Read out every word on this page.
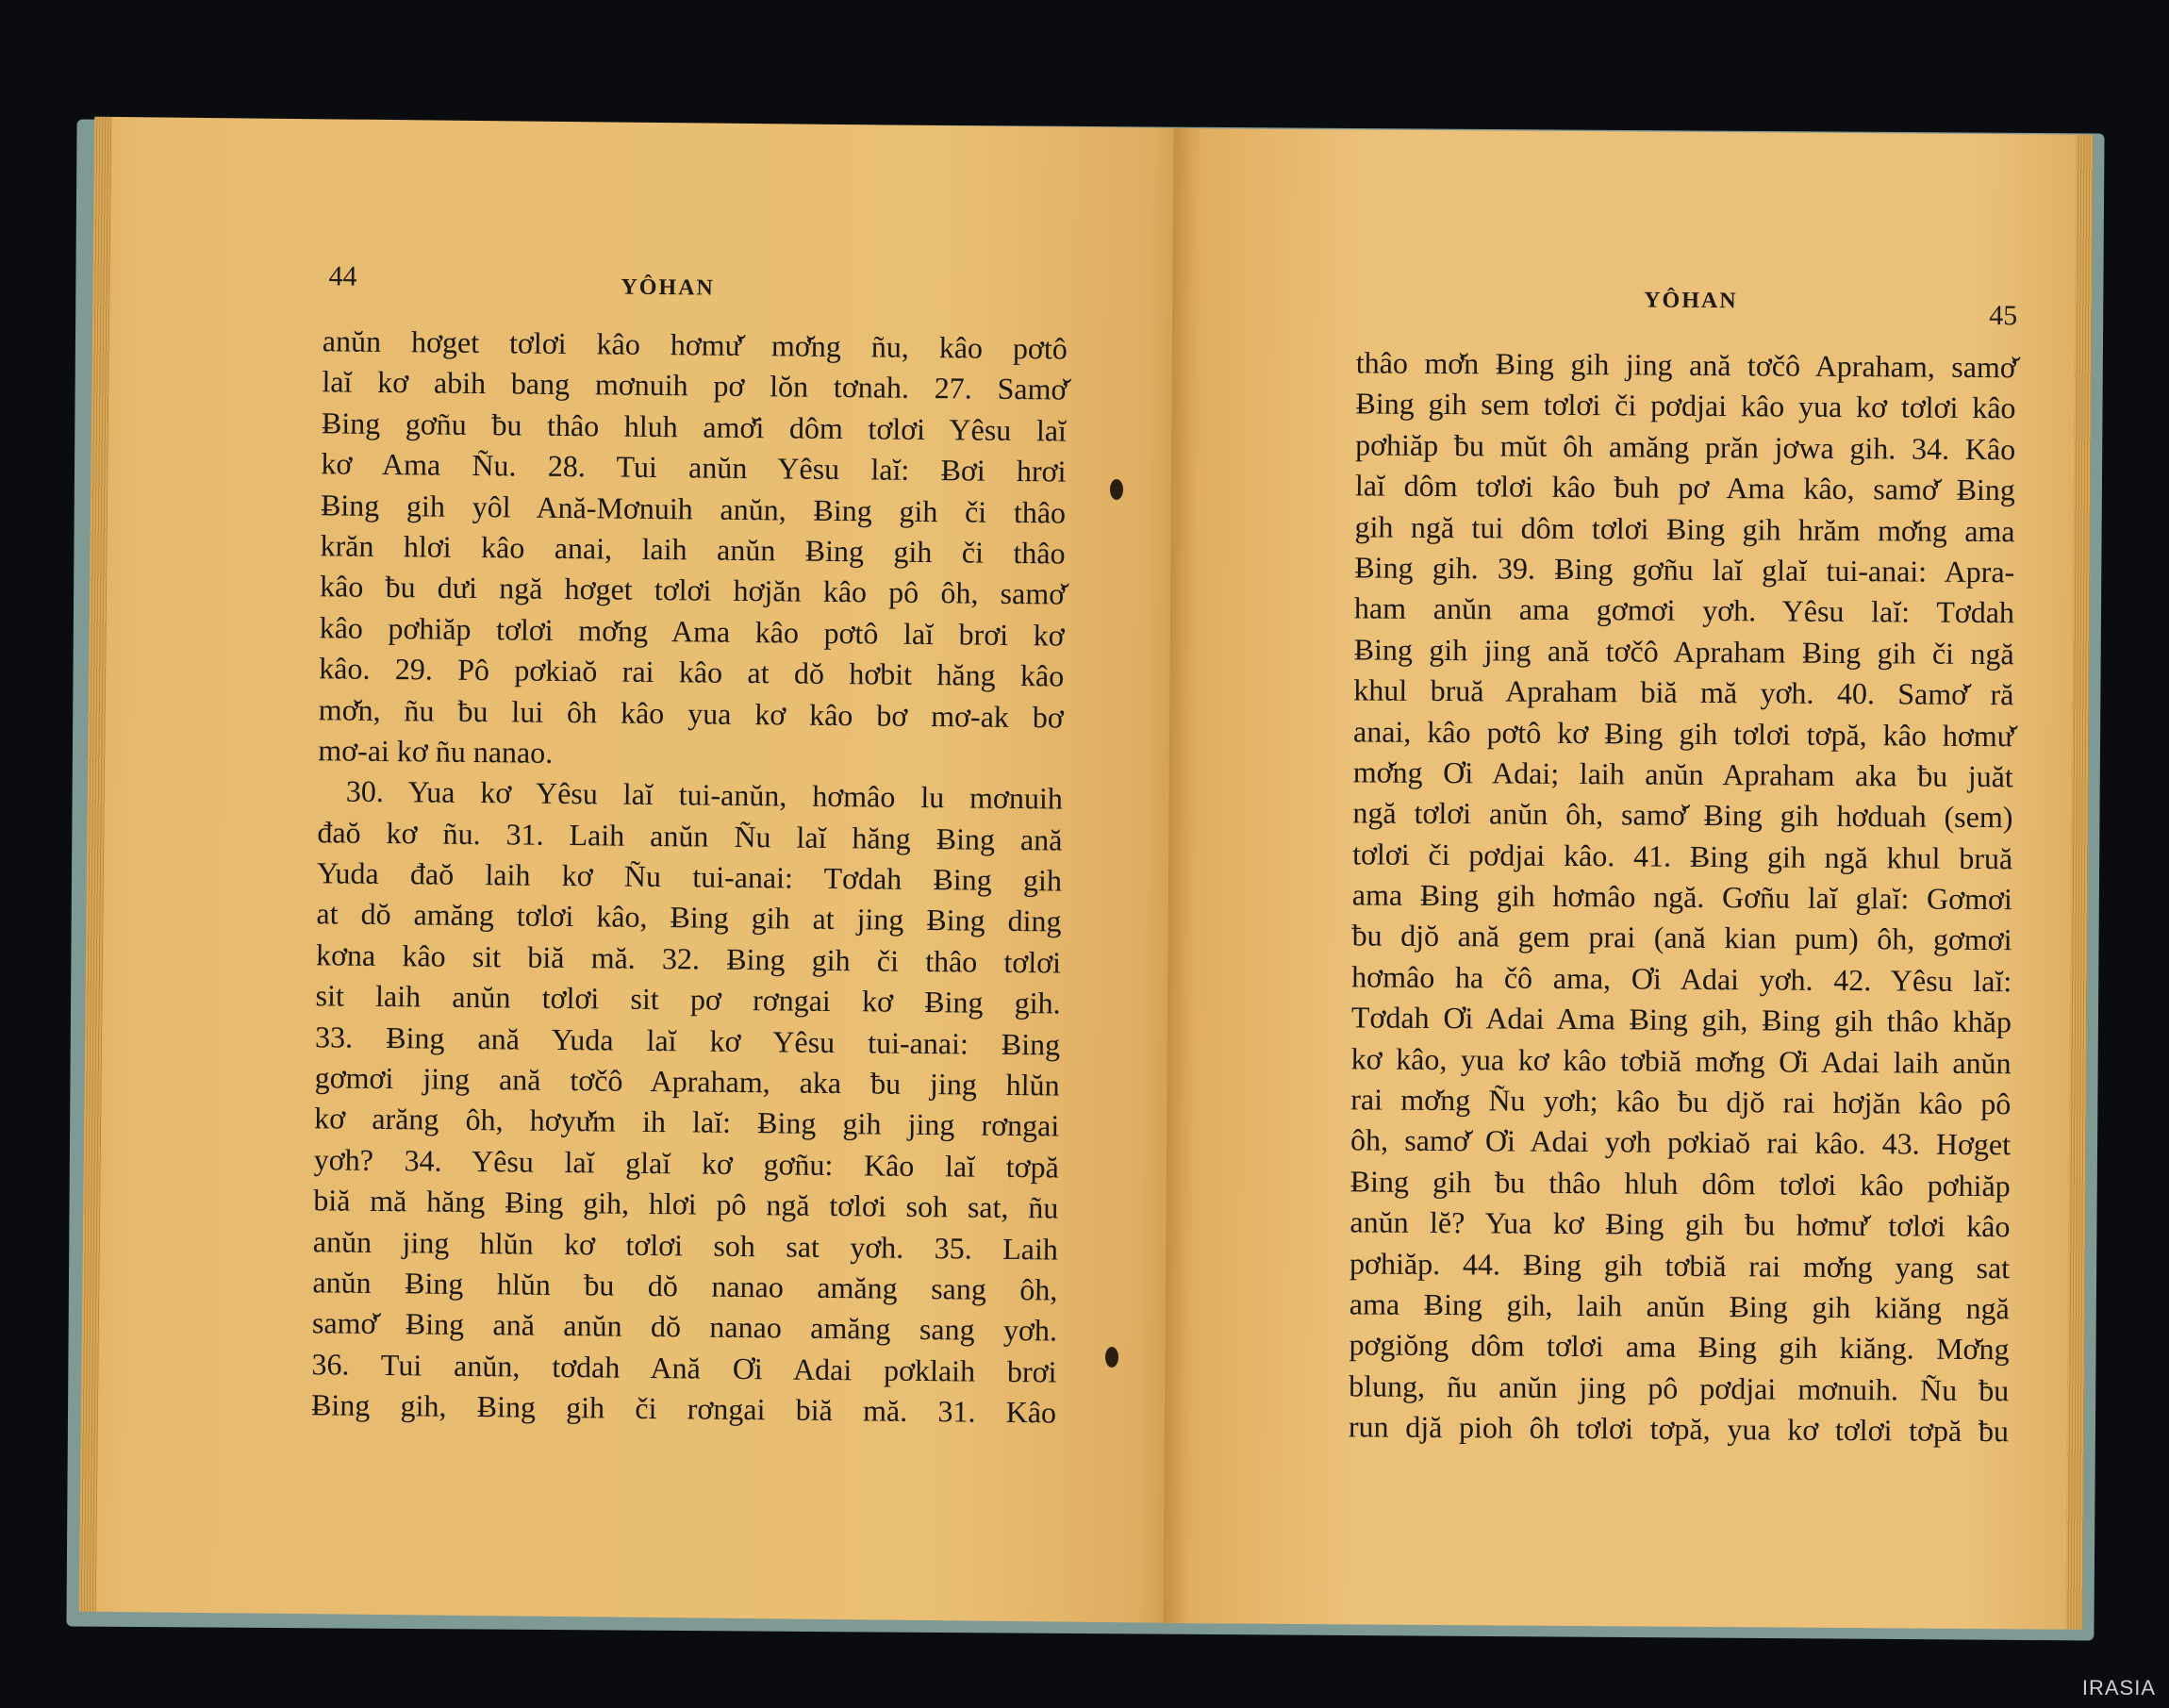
44	YÔHAN
anŭn hơget tơlơi kâo hơmư̆ mơ̆ng ñu, kâo pơtô
laĭ kơ abih bang mơnuih pơ lŏn tơnah. 27. Samơ̆
Ƀing gơñu ƀu thâo hluh amơ̆i dôm tơlơi Yêsu laĭ
kơ Ama Ñu. 28. Tui anŭn Yêsu laĭ: Ƀơi hrơi
Ƀing gih yôl Ană-Mơnuih anŭn, Ƀing gih či thâo
krăn hlơi kâo anai, laih anŭn Ƀing gih či thâo
kâo ƀu dưi ngă hơget tơlơi hơjăn kâo pô ôh, samơ̆
kâo pơhiăp tơlơi mơ̆ng Ama kâo pơtô laĭ brơi kơ
kâo. 29. Pô pơkiaŏ rai kâo at dŏ hơbit hăng kâo
mơ̆n, ñu ƀu lui ôh kâo yua kơ kâo bơ mơ-ak bơ
mơ-ai kơ ñu nanao.
30. Yua kơ Yêsu laĭ tui-anŭn, hơmâo lu mơnuih
đaŏ kơ ñu. 31. Laih anŭn Ñu laĭ hăng Ƀing ană
Yuda đaŏ laih kơ Ñu tui-anai: Tơdah Ƀing gih
at dŏ amăng tơlơi kâo, Ƀing gih at jing Ƀing ding
kơna kâo sit biă mă. 32. Ƀing gih či thâo tơlơi
sit laih anŭn tơlơi sit pơ rơngai kơ Ƀing gih.
33. Ƀing ană Yuda laĭ kơ Yêsu tui-anai: Ƀing
gơmơi jing ană tơčô Apraham, aka ƀu jing hlŭn
kơ arăng ôh, hơyư̆m ih laĭ: Ƀing gih jing rơngai
yơh? 34. Yêsu laĭ glaĭ kơ gơñu: Kâo laĭ tơpă
biă mă hăng Ƀing gih, hlơi pô ngă tơlơi soh sat, ñu
anŭn jing hlŭn kơ tơlơi soh sat yơh. 35. Laih
anŭn Ƀing hlŭn ƀu dŏ nanao amăng sang ôh,
samơ̆ Ƀing ană anŭn dŏ nanao amăng sang yơh.
36. Tui anŭn, tơdah Ană Ơi Adai pơklaih brơi
Ƀing gih, Ƀing gih či rơngai biă mă. 31. Kâo
YÔHAN	45
thâo mơ̆n Ƀing gih jing ană tơčô Apraham, samơ̆
Ƀing gih sem tơlơi či pơdjai kâo yua kơ tơlơi kâo
pơhiăp ƀu mŭt ôh amăng prăn jơwa gih. 34. Kâo
laĭ dôm tơlơi kâo ƀuh pơ Ama kâo, samơ̆ Ƀing
gih ngă tui dôm tơlơi Ƀing gih hrăm mơ̆ng ama
Ƀing gih. 39. Ƀing gơñu laĭ glaĭ tui-anai: Apra-
ham anŭn ama gơmơi yơh. Yêsu laĭ: Tơdah
Ƀing gih jing ană tơčô Apraham Ƀing gih či ngă
khul bruă Apraham biă mă yơh. 40. Samơ̆ ră
anai, kâo pơtô kơ Ƀing gih tơlơi tơpă, kâo hơmư̆
mơ̆ng Ơi Adai; laih anŭn Apraham aka ƀu juăt
ngă tơlơi anŭn ôh, samơ̆ Ƀing gih hơduah (sem)
tơlơi či pơdjai kâo. 41. Ƀing gih ngă khul bruă
ama Ƀing gih hơmâo ngă. Gơñu laĭ glaĭ: Gơmơi
ƀu djŏ ană gem prai (ană kian pum) ôh, gơmơi
hơmâo ha čô ama, Ơi Adai yơh. 42. Yêsu laĭ:
Tơdah Ơi Adai Ama Ƀing gih, Ƀing gih thâo khăp
kơ kâo, yua kơ kâo tơbiă mơ̆ng Ơi Adai laih anŭn
rai mơ̆ng Ñu yơh; kâo ƀu djŏ rai hơjăn kâo pô
ôh, samơ̆ Ơi Adai yơh pơkiaŏ rai kâo. 43. Hơget
Ƀing gih ƀu thâo hluh dôm tơlơi kâo pơhiăp
anŭn lĕ? Yua kơ Ƀing gih ƀu hơmư̆ tơlơi kâo
pơhiăp. 44. Ƀing gih tơbiă rai mơ̆ng yang sat
ama Ƀing gih, laih anŭn Ƀing gih kiăng ngă
pơgiŏng dôm tơlơi ama Ƀing gih kiăng. Mơ̆ng
blung, ñu anŭn jing pô pơdjai mơnuih. Ñu ƀu
run djă pioh ôh tơlơi tơpă, yua kơ tơlơi tơpă ƀu
IRASIA
